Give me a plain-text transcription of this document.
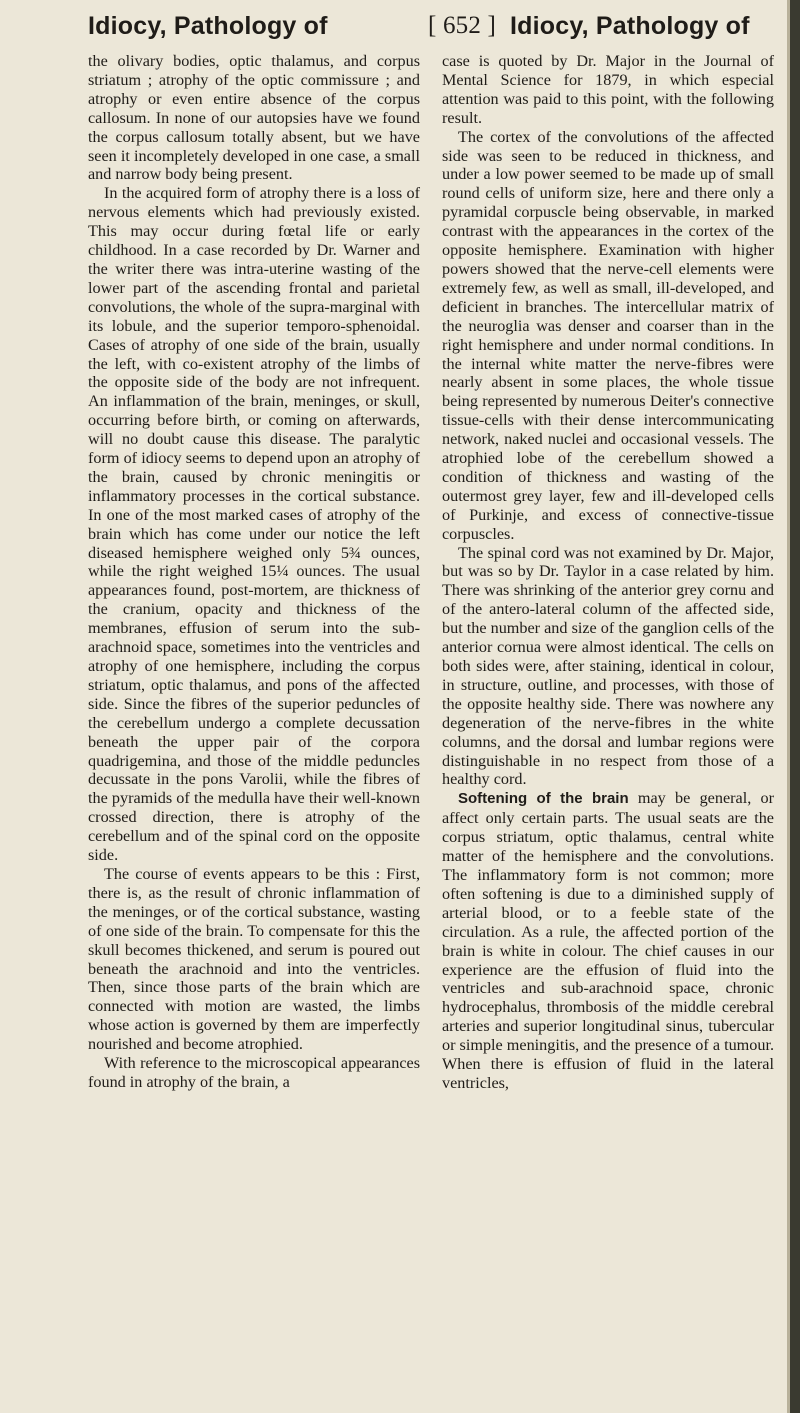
Idiocy, Pathology of	[ 652 ] Idiocy, Pathology of

the olivary bodies, optic thalamus, and corpus striatum ; atrophy of the optic commissure ; and atrophy or even entire absence of the corpus callosum. In none of our autopsies have we found the corpus callosum totally absent, but we have seen it incompletely developed in one case, a small and narrow body being present.

In the acquired form of atrophy there is a loss of nervous elements which had previously existed. This may occur during fœtal life or early childhood. In a case recorded by Dr. Warner and the writer there was intra-uterine wasting of the lower part of the ascending frontal and parietal convolutions, the whole of the supra-marginal with its lobule, and the superior temporo-sphenoidal. Cases of atrophy of one side of the brain, usually the left, with co-existent atrophy of the limbs of the opposite side of the body are not infrequent. An inflammation of the brain, meninges, or skull, occurring before birth, or coming on afterwards, will no doubt cause this disease. The paralytic form of idiocy seems to depend upon an atrophy of the brain, caused by chronic meningitis or inflammatory processes in the cortical substance. In one of the most marked cases of atrophy of the brain which has come under our notice the left diseased hemisphere weighed only 5¾ ounces, while the right weighed 15¼ ounces. The usual appearances found, post-mortem, are thickness of the cranium, opacity and thickness of the membranes, effusion of serum into the sub-arachnoid space, sometimes into the ventricles and atrophy of one hemisphere, including the corpus striatum, optic thalamus, and pons of the affected side. Since the fibres of the superior peduncles of the cerebellum undergo a complete decussation beneath the upper pair of the corpora quadrigemina, and those of the middle peduncles decussate in the pons Varolii, while the fibres of the pyramids of the medulla have their well-known crossed direction, there is atrophy of the cerebellum and of the spinal cord on the opposite side.

The course of events appears to be this : First, there is, as the result of chronic inflammation of the meninges, or of the cortical substance, wasting of one side of the brain. To compensate for this the skull becomes thickened, and serum is poured out beneath the arachnoid and into the ventricles. Then, since those parts of the brain which are connected with motion are wasted, the limbs whose action is governed by them are imperfectly nourished and become atrophied.

With reference to the microscopical appearances found in atrophy of the brain, a

case is quoted by Dr. Major in the Journal of Mental Science for 1879, in which especial attention was paid to this point, with the following result.

The cortex of the convolutions of the affected side was seen to be reduced in thickness, and under a low power seemed to be made up of small round cells of uniform size, here and there only a pyramidal corpuscle being observable, in marked contrast with the appearances in the cortex of the opposite hemisphere. Examination with higher powers showed that the nerve-cell elements were extremely few, as well as small, ill-developed, and deficient in branches. The intercellular matrix of the neuroglia was denser and coarser than in the right hemisphere and under normal conditions. In the internal white matter the nerve-fibres were nearly absent in some places, the whole tissue being represented by numerous Deiter's connective tissue-cells with their dense intercommunicating network, naked nuclei and occasional vessels. The atrophied lobe of the cerebellum showed a condition of thickness and wasting of the outermost grey layer, few and ill-developed cells of Purkinje, and excess of connective-tissue corpuscles.

The spinal cord was not examined by Dr. Major, but was so by Dr. Taylor in a case related by him. There was shrinking of the anterior grey cornu and of the antero-lateral column of the affected side, but the number and size of the ganglion cells of the anterior cornua were almost identical. The cells on both sides were, after staining, identical in colour, in structure, outline, and processes, with those of the opposite healthy side. There was nowhere any degeneration of the nerve-fibres in the white columns, and the dorsal and lumbar regions were distinguishable in no respect from those of a healthy cord.

Softening of the brain may be general, or affect only certain parts. The usual seats are the corpus striatum, optic thalamus, central white matter of the hemisphere and the convolutions. The inflammatory form is not common; more often softening is due to a diminished supply of arterial blood, or to a feeble state of the circulation. As a rule, the affected portion of the brain is white in colour. The chief causes in our experience are the effusion of fluid into the ventricles and sub-arachnoid space, chronic hydrocephalus, thrombosis of the middle cerebral arteries and superior longitudinal sinus, tubercular or simple meningitis, and the presence of a tumour. When there is effusion of fluid in the lateral ventricles,
